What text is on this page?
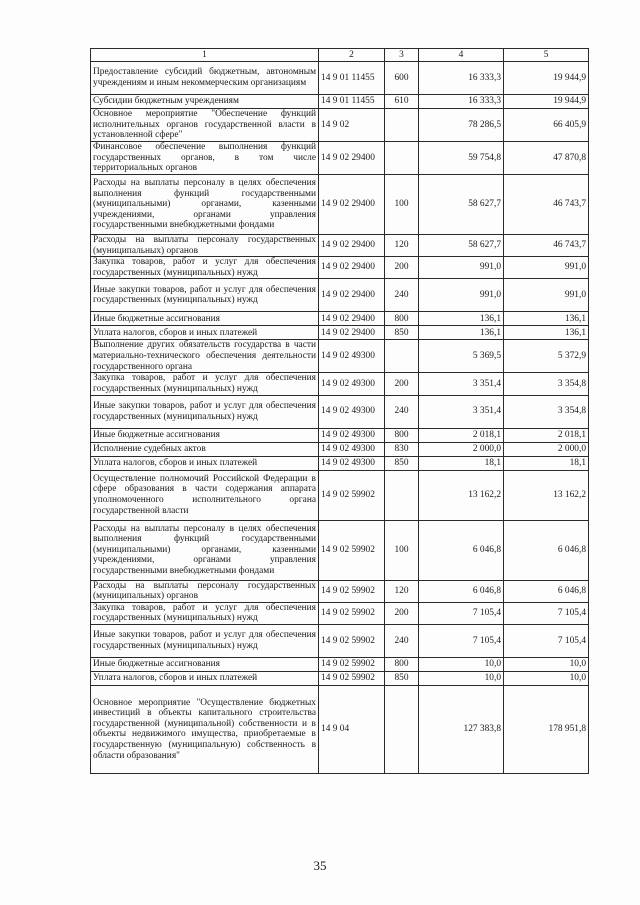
1	2	3	4	5
Предоставление субсидий бюджетным, автономным учреждениям и иным некоммерческим организациям	14 9 01 11455	600	16 333,3	19 944,9
Субсидии бюджетным учреждениям	14 9 01 11455	610	16 333,3	19 944,9
Основное мероприятие "Обеспечение функций исполнительных органов государственной власти в установленной сфере"	14 9 02		78 286,5	66 405,9
Финансовое обеспечение выполнения функций государственных органов, в том числе территориальных органов	14 9 02 29400		59 754,8	47 870,8
Расходы на выплаты персоналу в целях обеспечения выполнения функций государственными (муниципальными) органами, казенными учреждениями, органами управления государственными внебюджетными фондами	14 9 02 29400	100	58 627,7	46 743,7
Расходы на выплаты персоналу государственных (муниципальных) органов	14 9 02 29400	120	58 627,7	46 743,7
Закупка товаров, работ и услуг для обеспечения государственных (муниципальных) нужд	14 9 02 29400	200	991,0	991,0
Иные закупки товаров, работ и услуг для обеспечения государственных (муниципальных) нужд	14 9 02 29400	240	991,0	991,0
Иные бюджетные ассигнования	14 9 02 29400	800	136,1	136,1
Уплата налогов, сборов и иных платежей	14 9 02 29400	850	136,1	136,1
Выполнение других обязательств государства в части материально-технического обеспечения деятельности государственного органа	14 9 02 49300		5 369,5	5 372,9
Закупка товаров, работ и услуг для обеспечения государственных (муниципальных) нужд	14 9 02 49300	200	3 351,4	3 354,8
Иные закупки товаров, работ и услуг для обеспечения государственных (муниципальных) нужд	14 9 02 49300	240	3 351,4	3 354,8
Иные бюджетные ассигнования	14 9 02 49300	800	2 018,1	2 018,1
Исполнение судебных актов	14 9 02 49300	830	2 000,0	2 000,0
Уплата налогов, сборов и иных платежей	14 9 02 49300	850	18,1	18,1
Осуществление полномочий Российской Федерации в сфере образования в части содержания аппарата уполномоченного исполнительного органа государственной власти	14 9 02 59902		13 162,2	13 162,2
Расходы на выплаты персоналу в целях обеспечения выполнения функций государственными (муниципальными) органами, казенными учреждениями, органами управления государственными внебюджетными фондами	14 9 02 59902	100	6 046,8	6 046,8
Расходы на выплаты персоналу государственных (муниципальных) органов	14 9 02 59902	120	6 046,8	6 046,8
Закупка товаров, работ и услуг для обеспечения государственных (муниципальных) нужд	14 9 02 59902	200	7 105,4	7 105,4
Иные закупки товаров, работ и услуг для обеспечения государственных (муниципальных) нужд	14 9 02 59902	240	7 105,4	7 105,4
Иные бюджетные ассигнования	14 9 02 59902	800	10,0	10,0
Уплата налогов, сборов и иных платежей	14 9 02 59902	850	10,0	10,0
Основное мероприятие "Осуществление бюджетных инвестиций в объекты капитального строительства государственной (муниципальной) собственности и в объекты недвижимого имущества, приобретаемые в государственную (муниципальную) собственность в области образования"	14 9 04		127 383,8	178 951,8
35
